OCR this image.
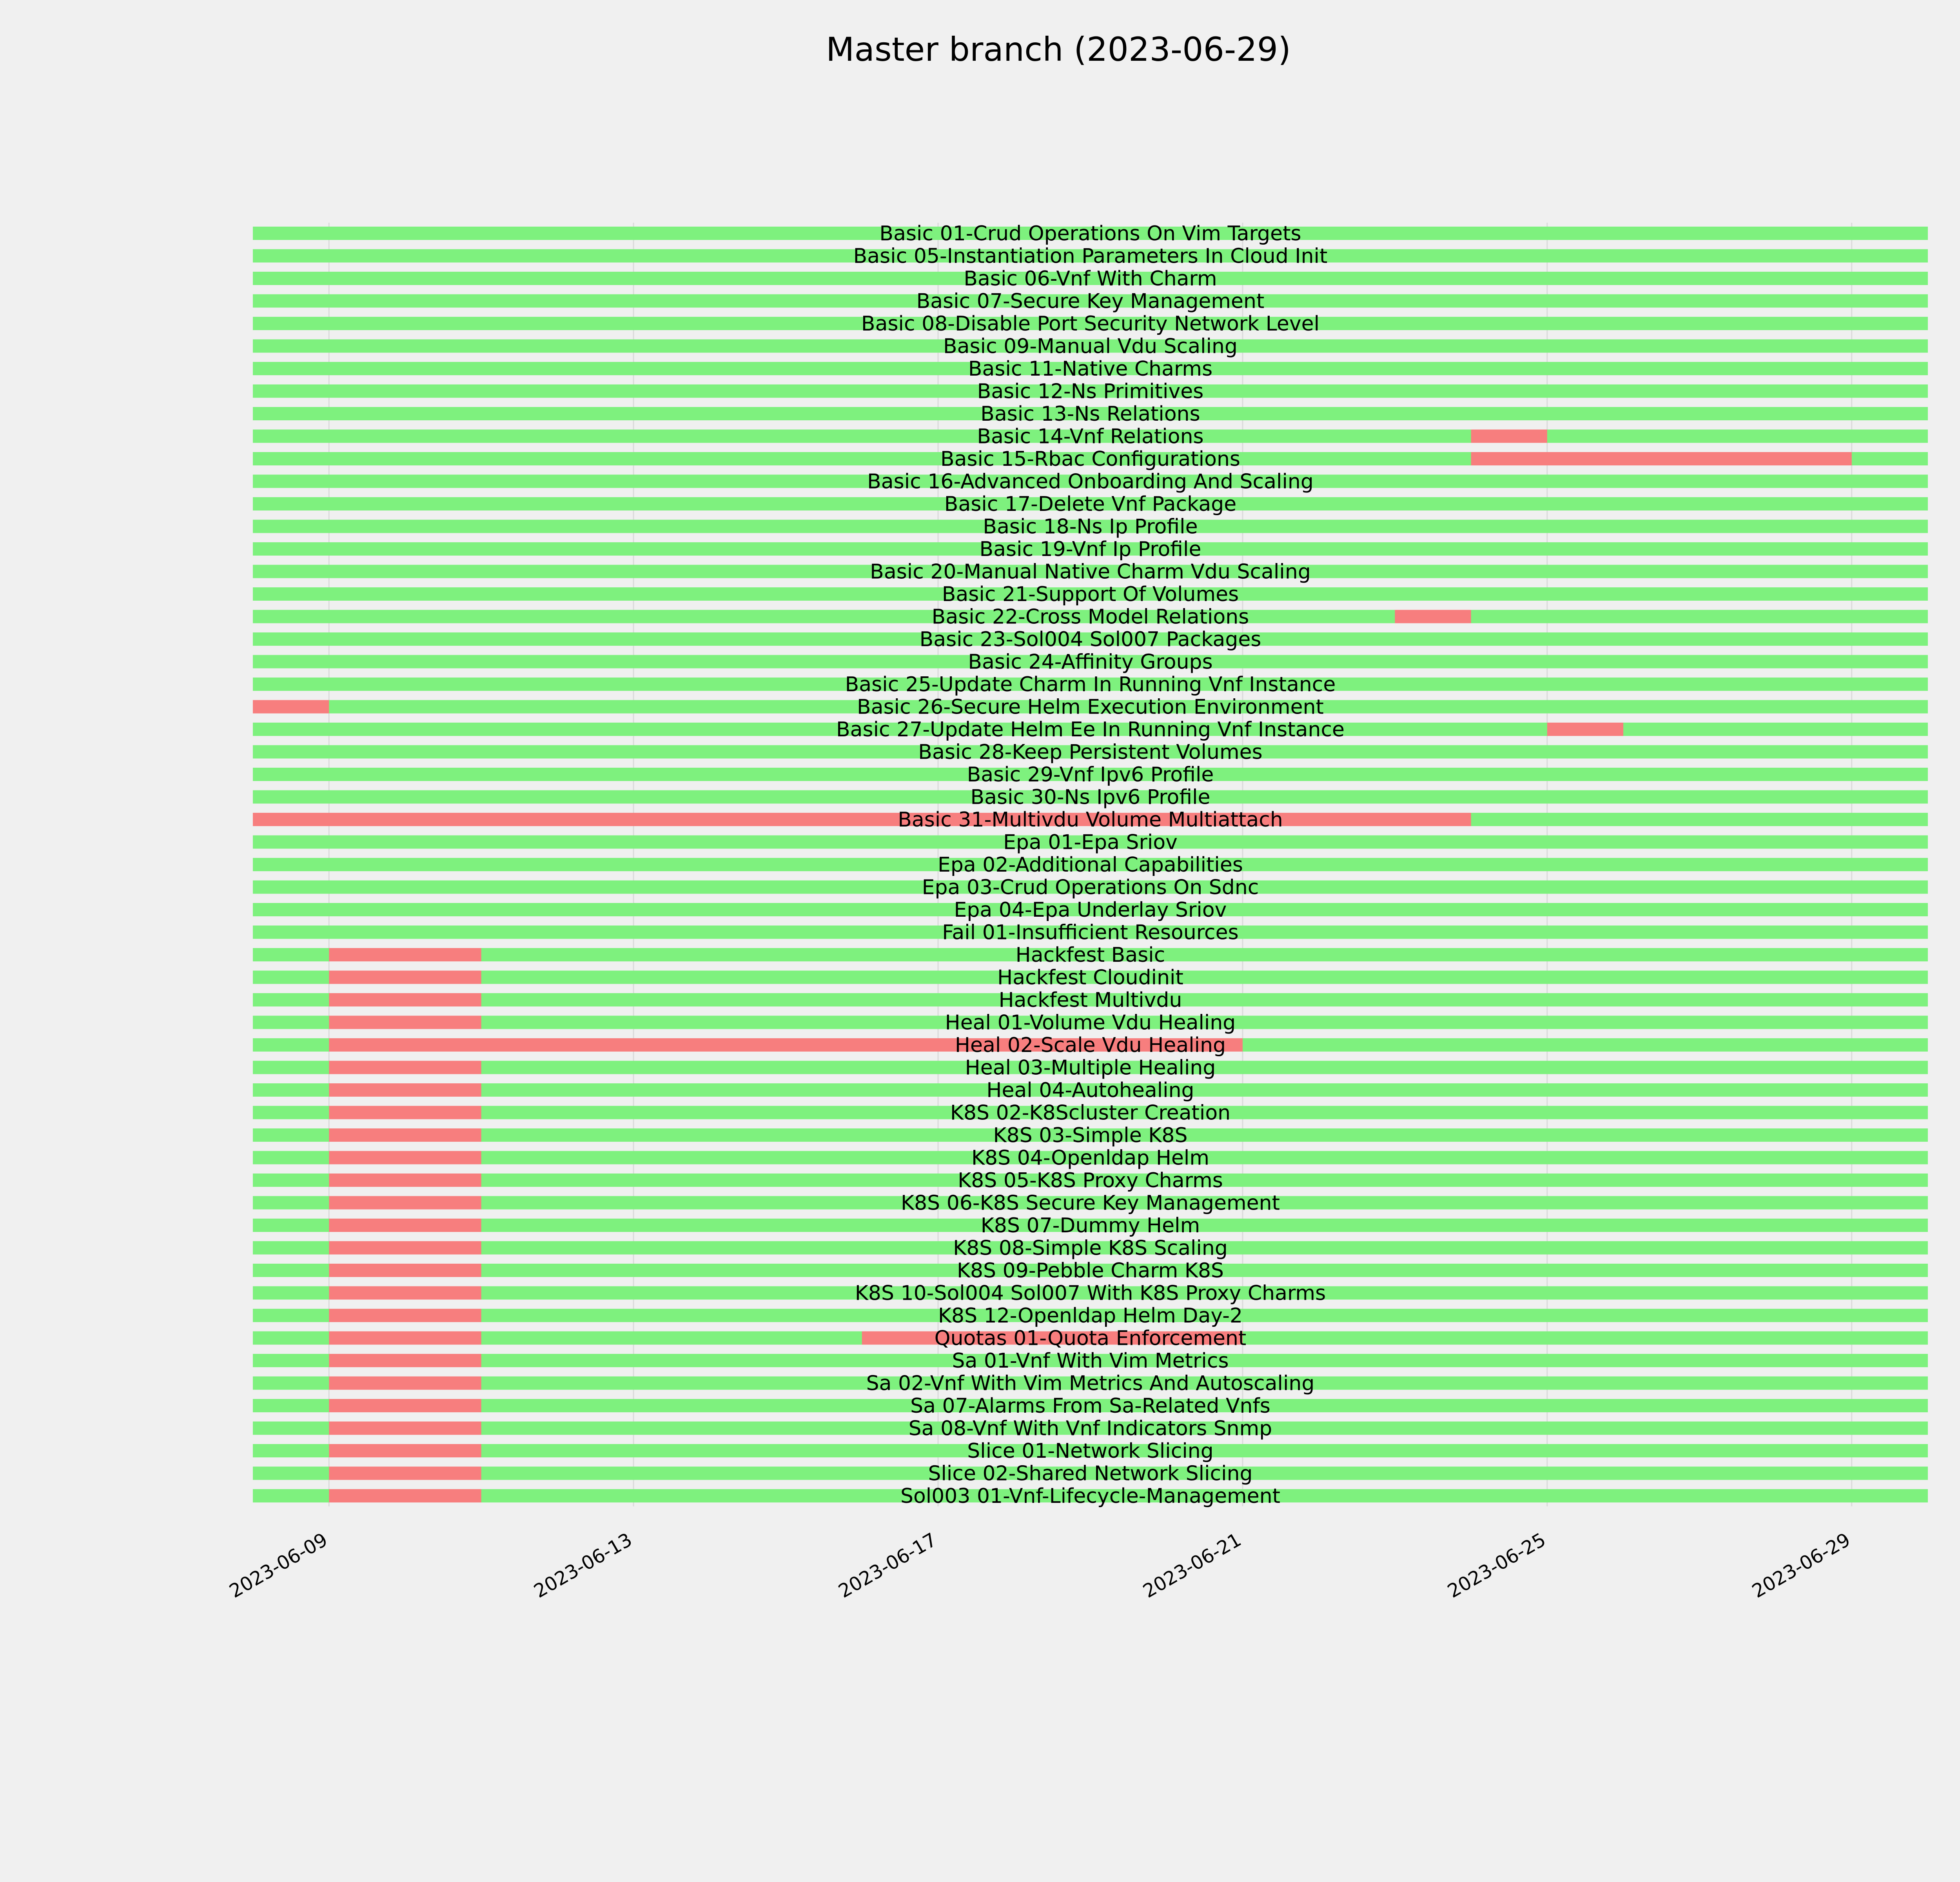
Master branch (2023-06-29)
Basic 01-Crud Operations On Vim Targets
Basic 05-Instantiation Parameters In Cloud Init
Basic 06-Vnf With Charm
Basic 07-Secure Key Management
Basic 08-Disable Port Security Network Level
Basic 09-Manual Vdu Scaling
Basic 11-Native Charms
Basic 12-Ns Primitives
Basic 13-Ns Relations
Basic 14-Vnf Relations
Basic 15-Rbac Configurations
Basic 16-Advanced Onboarding And Scaling
Basic 17-Delete Vnf Package
Basic 18-Ns Ip Profile
Basic 19-Vnf Ip Profile
Basic 20-Manual Native Charm Vdu Scaling
Basic 21-Support Of Volumes
Basic 22-Cross Model Relations
Basic 23-Sol004 Sol007 Packages
Basic 24-Affinity Groups
Basic 25-Update Charm In Running Vnf Instance
Basic 26-Secure Helm Execution Environment
Basic 27-Update Helm Ee In Running Vnf Instance
Basic 28-Keep Persistent Volumes
Basic 29-Vnf Ipv6 Profile
Basic 30-Ns Ipv6 Profile
Basic 31-Multivdu Volume Multiattach
Epa 01-Epa Sriov
Epa 02-Additional Capabilities
Epa 03-Crud Operations On Sdnc
Epa 04-Epa Underlay Sriov
Fail 01-Insufficient Resources
Hackfest Basic
Hackfest Cloudinit
Hackfest Multivdu
Heal 01-Volume Vdu Healing
Heal 02-Scale Vdu Healing
Heal 03-Multiple Healing
Heal 04-Autohealing
K8S 02-K8Scluster Creation
K8S 03-Simple K8S
K8S 04-Openldap Helm
K8S 05-K8S Proxy Charms
K8S 06-K8S Secure Key Management
K8S 07-Dummy Helm
K8S 08-Simple K8S Scaling
K8S 09-Pebble Charm K8S
K8S 10-Sol004 Sol007 With K8S Proxy Charms
K8S 12-Openldap Helm Day-2
Quotas 01-Quota Enforcement
Sa 01-Vnf With Vim Metrics
Sa 02-Vnf With Vim Metrics And Autoscaling
Sa 07-Alarms From Sa-Related Vnfs
Sa 08-Vnf With Vnf Indicators Snmp
Slice 01-Network Slicing
Slice 02-Shared Network Slicing
Sol003 01-Vnf-Lifecycle-Management
2023-06-09	2023-06-13	2023-06-17	2023-06-21	2023-06-25	2023-06-29
